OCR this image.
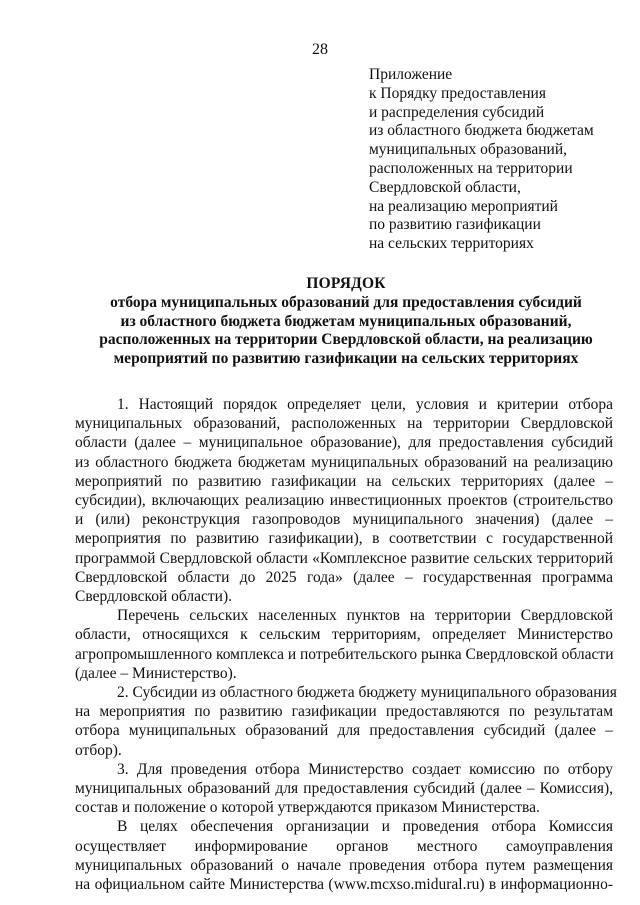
28
Приложение
к Порядку предоставления
и распределения субсидий
из областного бюджета бюджетам
муниципальных образований,
расположенных на территории
Свердловской области,
на реализацию мероприятий
по развитию газификации
на сельских территориях
ПОРЯДОК
отбора муниципальных образований для предоставления субсидий
из областного бюджета бюджетам муниципальных образований,
расположенных на территории Свердловской области, на реализацию
мероприятий по развитию газификации на сельских территориях
1. Настоящий порядок определяет цели, условия и критерии отбора
муниципальных образований, расположенных на территории Свердловской
области (далее – муниципальное образование), для предоставления субсидий
из областного бюджета бюджетам муниципальных образований на реализацию
мероприятий по развитию газификации на сельских территориях (далее –
субсидии), включающих реализацию инвестиционных проектов (строительство
и (или) реконструкция газопроводов муниципального значения) (далее –
мероприятия по развитию газификации), в соответствии с государственной
программой Свердловской области «Комплексное развитие сельских территорий
Свердловской области до 2025 года» (далее – государственная программа
Свердловской области).
Перечень сельских населенных пунктов на территории Свердловской
области, относящихся к сельским территориям, определяет Министерство
агропромышленного комплекса и потребительского рынка Свердловской области
(далее – Министерство).
2. Субсидии из областного бюджета бюджету муниципального образования
на мероприятия по развитию газификации предоставляются по результатам
отбора муниципальных образований для предоставления субсидий (далее –
отбор).
3. Для проведения отбора Министерство создает комиссию по отбору
муниципальных образований для предоставления субсидий (далее – Комиссия),
состав и положение о которой утверждаются приказом Министерства.
В целях обеспечения организации и проведения отбора Комиссия
осуществляет информирование органов местного самоуправления
муниципальных образований о начале проведения отбора путем размещения
на официальном сайте Министерства (www.mcxso.midural.ru) в информационно-
